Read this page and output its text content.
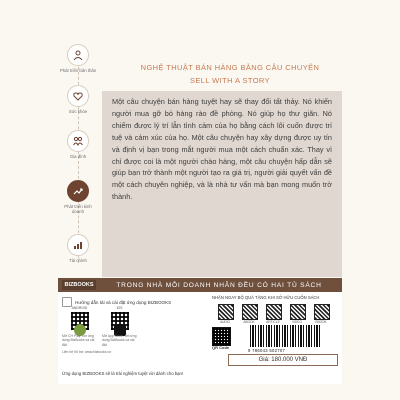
Phát triển bản thân
Sức khỏe
Gia đình
Phát triển kinh doanh
Tài chính
NGHỆ THUẬT BÁN HÀNG BẰNG CÂU CHUYỆN
SELL WITH A STORY

Một câu chuyện bán hàng tuyệt hay sẽ thay đổi tất thảy. Nó khiến người mua gỡ bỏ hàng rào đề phòng. Nó giúp họ thư giãn. Nó chiếm được lý trí lẫn tình cảm của họ bằng cách lôi cuốn được trí tuệ và cảm xúc của họ. Một câu chuyện hay xây dựng được uy tín và định vị bạn trong mắt người mua một cách chuẩn xác. Thay vì chỉ được coi là một người chào hàng, một câu chuyện hấp dẫn sẽ giúp bạn trở thành một người tạo ra giá trị, người giải quyết vấn đề một cách chuyên nghiệp, và là nhà tư vấn mà bạn mong muốn trở thành.

BIZBOOKS	TRONG NHÀ MỖI DOANH NHÂN ĐỀU CÓ HAI TỦ SÁCH
Hướng dẫn tải và cài đặt ứng dụng BIZBOOKS
ANDROID
Mở CH Play, tìm ứng dụng BizBooks và cài đặt
IOS
Mở App Store, tìm ứng dụng BizBooks và cài đặt
Liên hệ hỗ trợ: www.bizbooks.vn
Ứng dụng BIZBOOKS sẽ là trải nghiệm tuyệt vời dành cho bạn!
NHẬN NGAY BỘ QUÀ TẶNG KHI SỞ HỮU CUỐN SÁCH
AUDIO	ABOOK	ARTICLE	VIDEO	EBOOK
QR Code
9 786043 502707
Giá: 180.000 VNĐ
